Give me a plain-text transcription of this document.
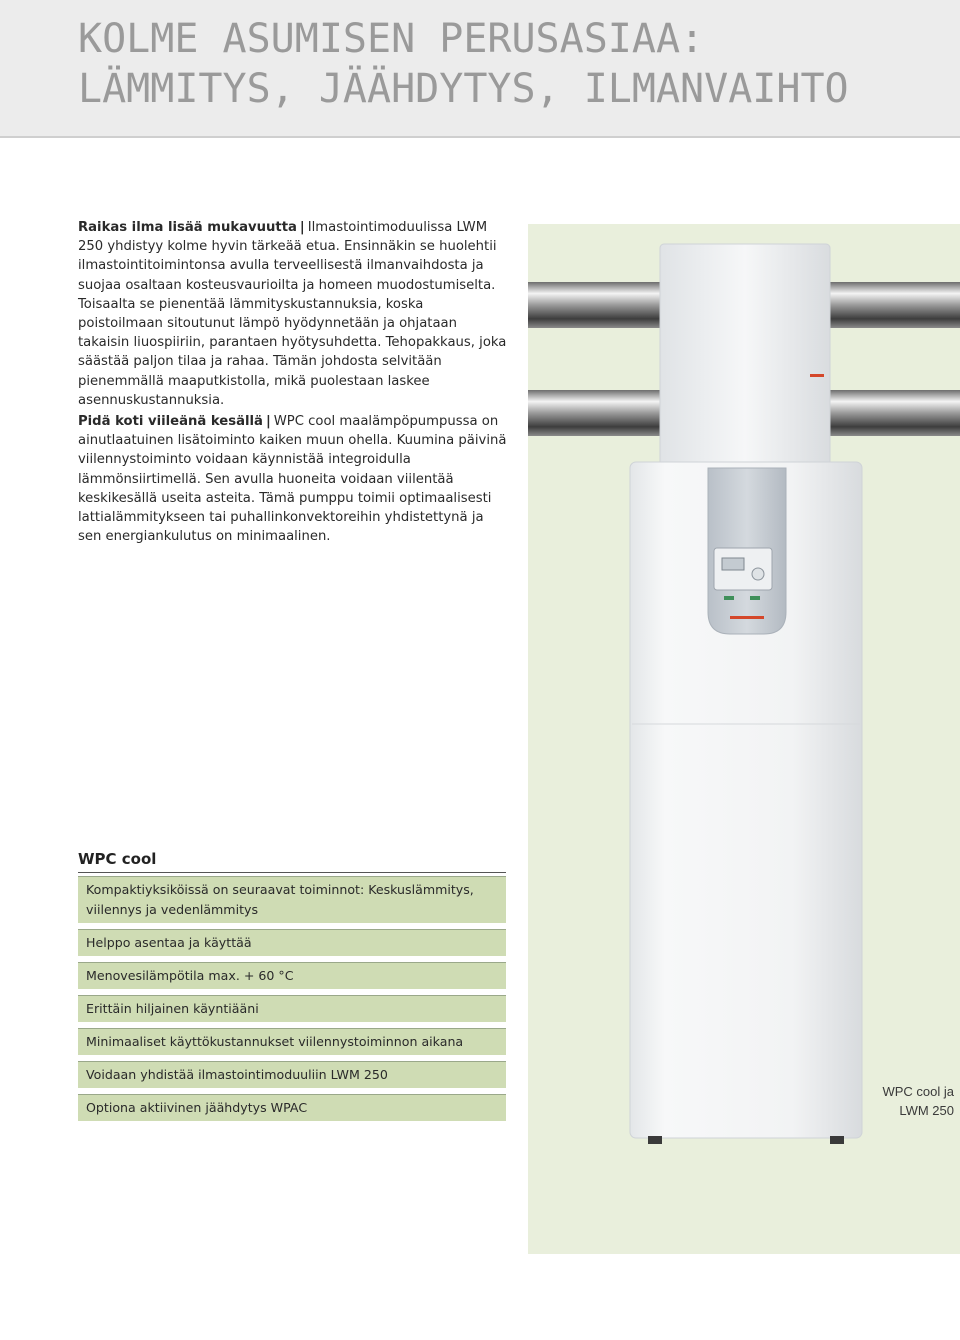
KOLME ASUMISEN PERUSASIAA:
LÄMMITYS, JÄÄHDYTYS, ILMANVAIHTO

Raikas ilma lisää mukavuutta | Ilmastointimoduulissa LWM 250 yhdistyy kolme hyvin tärkeää etua. Ensinnäkin se huolehtii ilmastointitoimintonsa avulla terveellisestä ilmanvaihdosta ja suojaa osaltaan kosteusvaurioilta ja homeen muodostumiselta. Toisaalta se pienentää lämmityskustannuksia, koska poistoilmaan sitoutunut lämpö hyödynnetään ja ohjataan takaisin liuospiiriin, parantaen hyötysuhdetta. Tehopakkaus, joka säästää paljon tilaa ja rahaa. Tämän johdosta selvitään pienemmällä maaputkistolla, mikä puolestaan laskee asennuskustannuksia.

Pidä koti viileänä kesällä | WPC cool maalämpöpumpussa on ainutlaatuinen lisätoiminto kaiken muun ohella. Kuumina päivinä viilennystoiminto voidaan käynnistää integroidulla lämmönsiirtimellä. Sen avulla huoneita voidaan viilentää keskikesällä useita asteita. Tämä pumppu toimii optimaalisesti lattialämmitykseen tai puhallinkonvektoreihin yhdistettynä ja sen energiankulutus on minimaalinen.

WPC cool ja
LWM 250

WPC cool
Kompaktiyksiköissä on seuraavat toiminnot: Keskuslämmitys, viilennys ja vedenlämmitys
Helppo asentaa ja käyttää
Menovesilämpötila max. + 60 °C
Erittäin hiljainen käyntiääni
Minimaaliset käyttökustannukset viilennystoiminnon aikana
Voidaan yhdistää ilmastointimoduuliin LWM 250
Optiona aktiivinen jäähdytys WPAC
